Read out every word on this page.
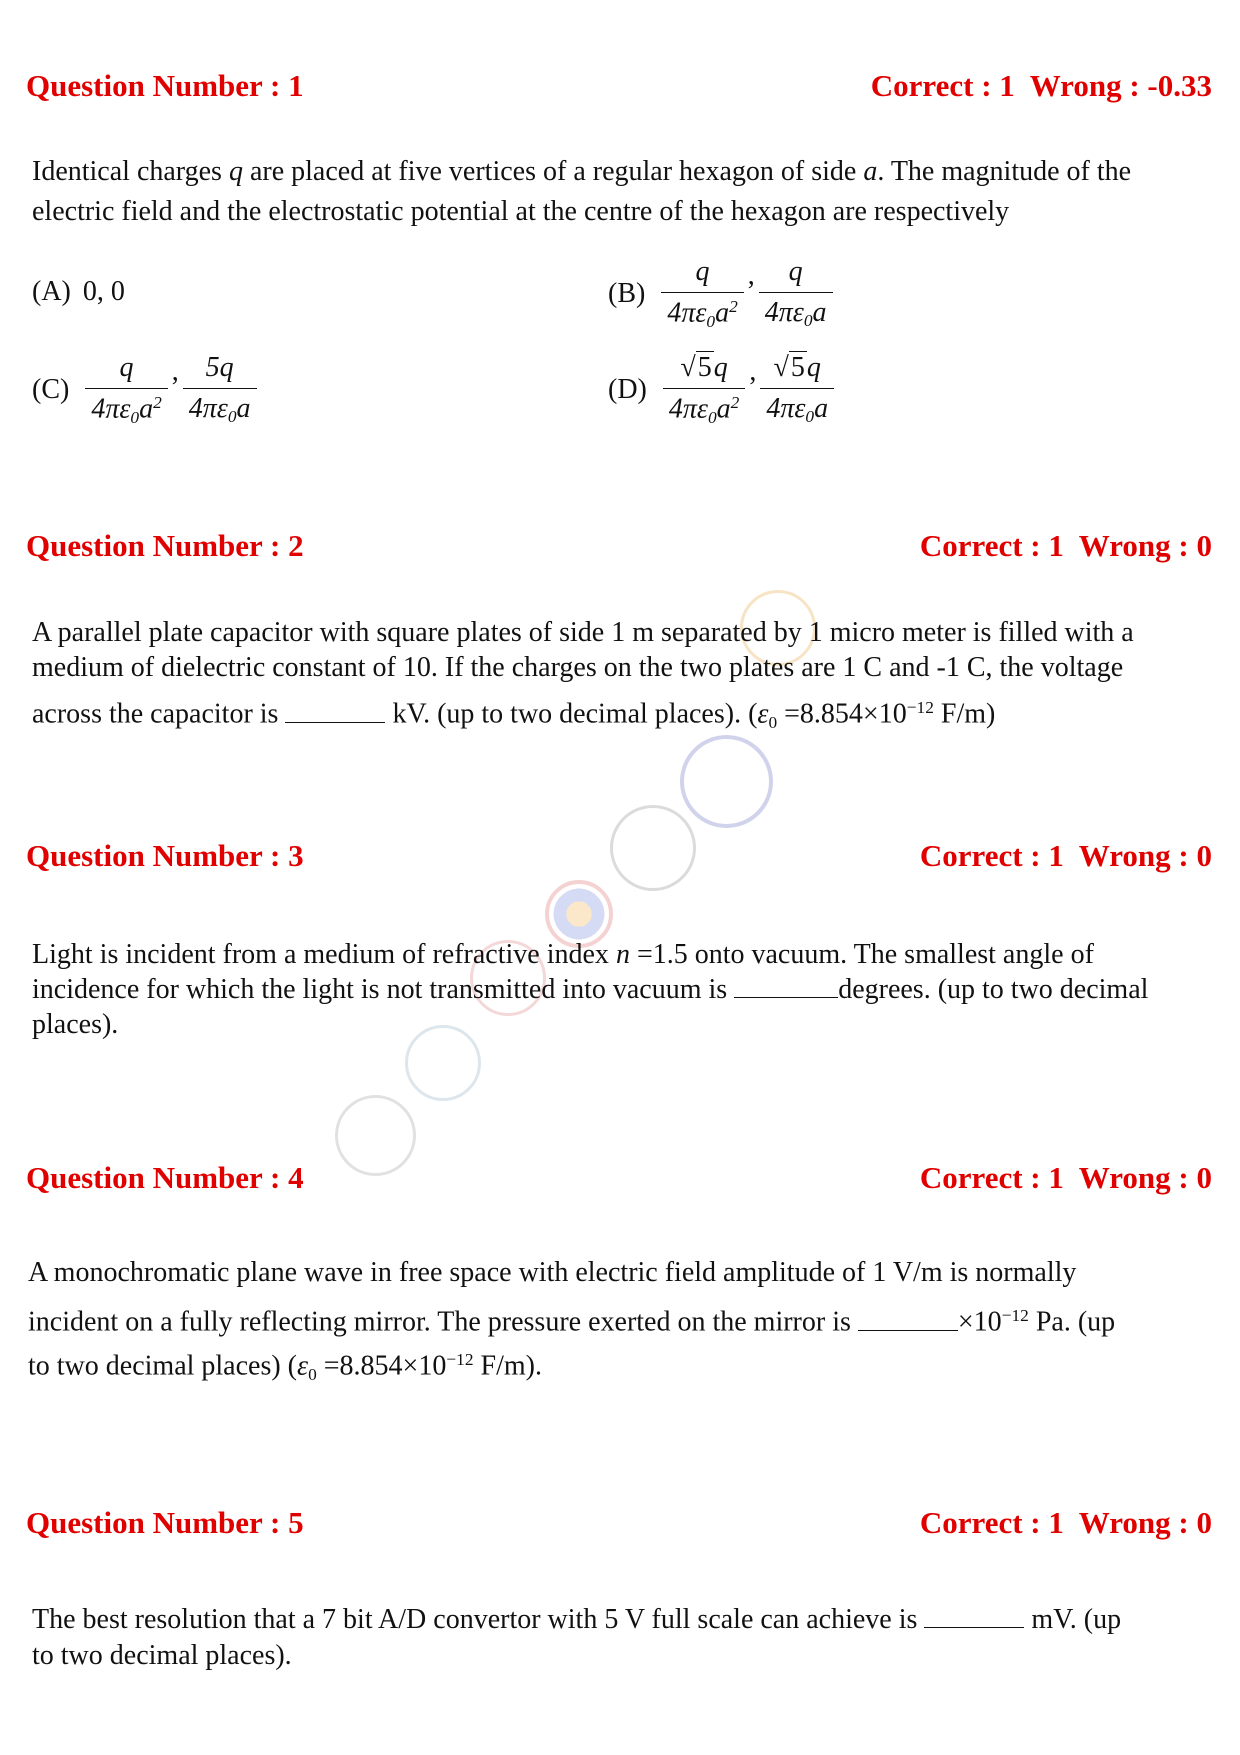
Question Number : 1	Correct : 1  Wrong : -0.33
Identical charges q are placed at five vertices of a regular hexagon of side a. The magnitude of the
electric field and the electrostatic potential at the centre of the hexagon are respectively
(A) 0, 0	$(B) \frac{q}{4\pi\varepsilon_0a^2}$ , $\frac{q}{4\pi\varepsilon_0a}$
$(C) \frac{q}{4\pi\varepsilon_0a^2}$ , $\frac{5q}{4\pi\varepsilon_0a}$	$(D) \frac{√5q}{4\pi\varepsilon_0a^2}$ , $\frac{√5q}{4\pi\varepsilon_0a}$
Question Number : 2	Correct : 1  Wrong : 0
A parallel plate capacitor with square plates of side 1 m separated by 1 micro meter is filled with a
medium of dielectric constant of 10. If the charges on the two plates are 1 C and -1 C, the voltage
across the capacitor is	kV. (up to two decimal places). ($\varepsilon_0 =8.854\times 10^{-12}$ F/m)
Question Number : 3	Correct : 1  Wrong : 0
Light is incident from a medium of refractive index n =1.5 onto vacuum. The smallest angle of
incidence for which the light is not transmitted into vacuum is	degrees. (up to two decimal
places).
Question Number : 4	Correct : 1  Wrong : 0
A monochromatic plane wave in free space with electric field amplitude of 1 V/m is normally
incident on a fully reflecting mirror. The pressure exerted on the mirror is	$\times 10^{-12}$ Pa. (up
to two decimal places) ($\varepsilon_0 =8.854\times 10^{-12}$ F/m).
Question Number : 5	Correct : 1  Wrong : 0
The best resolution that a 7 bit A/D convertor with 5 V full scale can achieve is	mV. (up
to two decimal places).
